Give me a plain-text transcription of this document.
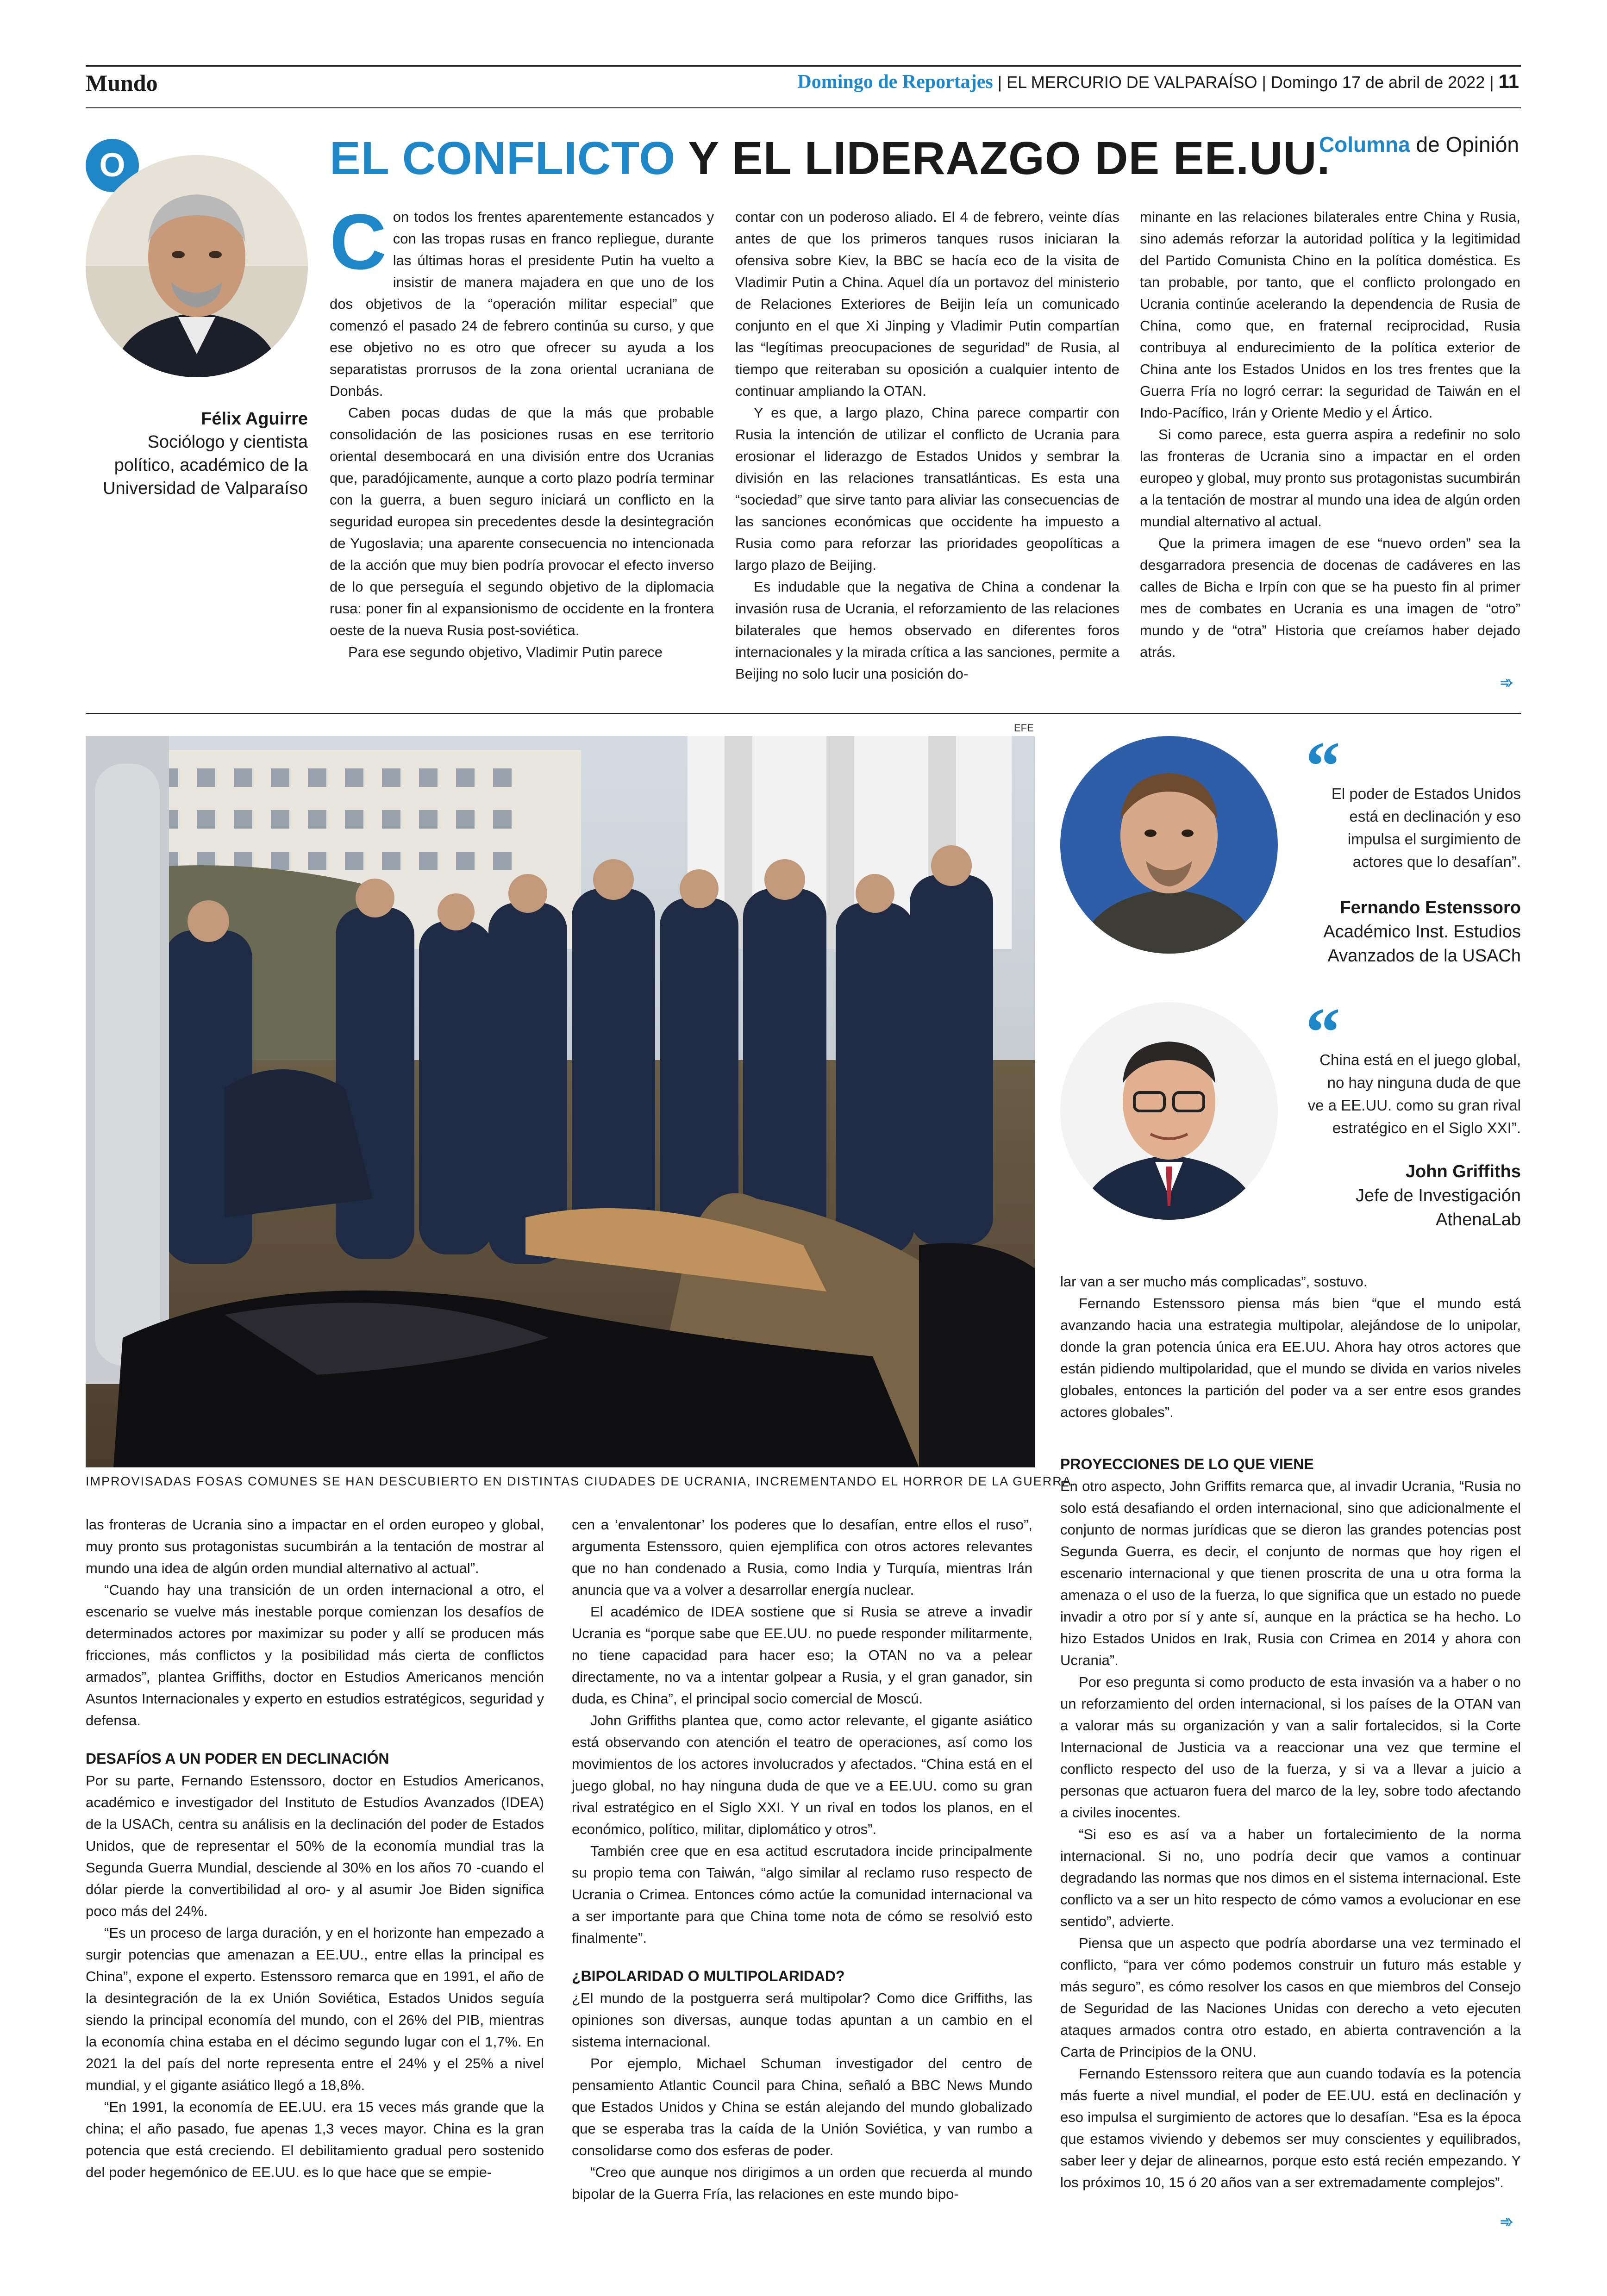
Mundo	Domingo de Reportajes | EL MERCURIO DE VALPARAÍSO | Domingo 17 de abril de 2022 | 11
O	EL CONFLICTO Y EL LIDERAZGO DE EE.UU.
Columna de Opinión
Félix Aguirre
Sociólogo y cientista
político, académico de la
Universidad de Valparaíso
C on todos los frentes aparentemente estancados y con las tropas rusas en franco repliegue, durante las últimas horas el presidente Putin ha vuelto a insistir de manera majadera en que uno de los dos objetivos de la “operación militar especial” que comenzó el pasado 24 de febrero continúa su curso, y que ese objetivo no es otro que ofrecer su ayuda a los separatistas prorrusos de la zona oriental ucraniana de Donbás.

Caben pocas dudas de que la más que probable consolidación de las posiciones rusas en ese territorio oriental desembocará en una división entre dos Ucranias que, paradójicamente, aunque a corto plazo podría terminar con la guerra, a buen seguro iniciará un conflicto en la seguridad europea sin precedentes desde la desintegración de Yugoslavia; una aparente consecuencia no intencionada de la acción que muy bien podría provocar el efecto inverso de lo que perseguía el segundo objetivo de la diplomacia rusa: poner fin al expansionismo de occidente en la frontera oeste de la nueva Rusia post-soviética.

Para ese segundo objetivo, Vladimir Putin parece

contar con un poderoso aliado. El 4 de febrero, veinte días antes de que los primeros tanques rusos iniciaran la ofensiva sobre Kiev, la BBC se hacía eco de la visita de Vladimir Putin a China. Aquel día un portavoz del ministerio de Relaciones Exteriores de Beijin leía un comunicado conjunto en el que Xi Jinping y Vladimir Putin compartían las “legítimas preocupaciones de seguridad” de Rusia, al tiempo que reiteraban su oposición a cualquier intento de continuar ampliando la OTAN.

Y es que, a largo plazo, China parece compartir con Rusia la intención de utilizar el conflicto de Ucrania para erosionar el liderazgo de Estados Unidos y sembrar la división en las relaciones transatlánticas. Es esta una “sociedad” que sirve tanto para aliviar las consecuencias de las sanciones económicas que occidente ha impuesto a Rusia como para reforzar las prioridades geopolíticas a largo plazo de Beijing.

Es indudable que la negativa de China a condenar la invasión rusa de Ucrania, el reforzamiento de las relaciones bilaterales que hemos observado en diferentes foros internacionales y la mirada crítica a las sanciones, permite a Beijing no solo lucir una posición do-

minante en las relaciones bilaterales entre China y Rusia, sino además reforzar la autoridad política y la legitimidad del Partido Comunista Chino en la política doméstica. Es tan probable, por tanto, que el conflicto prolongado en Ucrania continúe acelerando la dependencia de Rusia de China, como que, en fraternal reciprocidad, Rusia contribuya al endurecimiento de la política exterior de China ante los Estados Unidos en los tres frentes que la Guerra Fría no logró cerrar: la seguridad de Taiwán en el Indo-Pacífico, Irán y Oriente Medio y el Ártico.

Si como parece, esta guerra aspira a redefinir no solo las fronteras de Ucrania sino a impactar en el orden europeo y global, muy pronto sus protagonistas sucumbirán a la tentación de mostrar al mundo una idea de algún orden mundial alternativo al actual.

Que la primera imagen de ese “nuevo orden” sea la desgarradora presencia de docenas de cadáveres en las calles de Bicha e Irpín con que se ha puesto fin al primer mes de combates en Ucrania es una imagen de “otro” mundo y de “otra” Historia que creíamos haber dejado atrás.

➾
EFE
IMPROVISADAS FOSAS COMUNES SE HAN DESCUBIERTO EN DISTINTAS CIUDADES DE UCRANIA, INCREMENTANDO EL HORROR DE LA GUERRA.
“
El poder de Estados Unidos
está en declinación y eso
impulsa el surgimiento de
actores que lo desafían”.
Fernando Estenssoro
Académico Inst. Estudios
Avanzados de la USACh
“
China está en el juego global,
no hay ninguna duda de que
ve a EE.UU. como su gran rival
estratégico en el Siglo XXI”.
John Griffiths
Jefe de Investigación
AthenaLab

lar van a ser mucho más complicadas”, sostuvo.

Fernando Estenssoro piensa más bien “que el mundo está avanzando hacia una estrategia multipolar, alejándose de lo unipolar, donde la gran potencia única era EE.UU. Ahora hay otros actores que están pidiendo multipolaridad, que el mundo se divida en varios niveles globales, entonces la partición del poder va a ser entre esos grandes actores globales”.

las fronteras de Ucrania sino a impactar en el orden europeo y global, muy pronto sus protagonistas sucumbirán a la tentación de mostrar al mundo una idea de algún orden mundial alternativo al actual”.

“Cuando hay una transición de un orden internacional a otro, el escenario se vuelve más inestable porque comienzan los desafíos de determinados actores por maximizar su poder y allí se producen más fricciones, más conflictos y la posibilidad más cierta de conflictos armados”, plantea Griffiths, doctor en Estudios Americanos mención Asuntos Internacionales y experto en estudios estratégicos, seguridad y defensa.

DESAFÍOS A UN PODER EN DECLINACIÓN

Por su parte, Fernando Estenssoro, doctor en Estudios Americanos, académico e investigador del Instituto de Estudios Avanzados (IDEA) de la USACh, centra su análisis en la declinación del poder de Estados Unidos, que de representar el 50% de la economía mundial tras la Segunda Guerra Mundial, desciende al 30% en los años 70 -cuando el dólar pierde la convertibilidad al oro- y al asumir Joe Biden significa poco más del 24%.

“Es un proceso de larga duración, y en el horizonte han empezado a surgir potencias que amenazan a EE.UU., entre ellas la principal es China”, expone el experto. Estenssoro remarca que en 1991, el año de la desintegración de la ex Unión Soviética, Estados Unidos seguía siendo la principal economía del mundo, con el 26% del PIB, mientras la economía china estaba en el décimo segundo lugar con el 1,7%. En 2021 la del país del norte representa entre el 24% y el 25% a nivel mundial, y el gigante asiático llegó a 18,8%.

“En 1991, la economía de EE.UU. era 15 veces más grande que la china; el año pasado, fue apenas 1,3 veces mayor. China es la gran potencia que está creciendo. El debilitamiento gradual pero sostenido del poder hegemónico de EE.UU. es lo que hace que se empie-

cen a ‘envalentonar’ los poderes que lo desafían, entre ellos el ruso”, argumenta Estenssoro, quien ejemplifica con otros actores relevantes que no han condenado a Rusia, como India y Turquía, mientras Irán anuncia que va a volver a desarrollar energía nuclear.

El académico de IDEA sostiene que si Rusia se atreve a invadir Ucrania es “porque sabe que EE.UU. no puede responder militarmente, no tiene capacidad para hacer eso; la OTAN no va a pelear directamente, no va a intentar golpear a Rusia, y el gran ganador, sin duda, es China”, el principal socio comercial de Moscú.

John Griffiths plantea que, como actor relevante, el gigante asiático está observando con atención el teatro de operaciones, así como los movimientos de los actores involucrados y afectados. “China está en el juego global, no hay ninguna duda de que ve a EE.UU. como su gran rival estratégico en el Siglo XXI. Y un rival en todos los planos, en el económico, político, militar, diplomático y otros”.

También cree que en esa actitud escrutadora incide principalmente su propio tema con Taiwán, “algo similar al reclamo ruso respecto de Ucrania o Crimea. Entonces cómo actúe la comunidad internacional va a ser importante para que China tome nota de cómo se resolvió esto finalmente”.

¿BIPOLARIDAD O MULTIPOLARIDAD?

¿El mundo de la postguerra será multipolar? Como dice Griffiths, las opiniones son diversas, aunque todas apuntan a un cambio en el sistema internacional.

Por ejemplo, Michael Schuman investigador del centro de pensamiento Atlantic Council para China, señaló a BBC News Mundo que Estados Unidos y China se están alejando del mundo globalizado que se esperaba tras la caída de la Unión Soviética, y van rumbo a consolidarse como dos esferas de poder.

“Creo que aunque nos dirigimos a un orden que recuerda al mundo bipolar de la Guerra Fría, las relaciones en este mundo bipo-

PROYECCIONES DE LO QUE VIENE

En otro aspecto, John Griffits remarca que, al invadir Ucrania, “Rusia no solo está desafiando el orden internacional, sino que adicionalmente el conjunto de normas jurídicas que se dieron las grandes potencias post Segunda Guerra, es decir, el conjunto de normas que hoy rigen el escenario internacional y que tienen proscrita de una u otra forma la amenaza o el uso de la fuerza, lo que significa que un estado no puede invadir a otro por sí y ante sí, aunque en la práctica se ha hecho. Lo hizo Estados Unidos en Irak, Rusia con Crimea en 2014 y ahora con Ucrania”.

Por eso pregunta si como producto de esta invasión va a haber o no un reforzamiento del orden internacional, si los países de la OTAN van a valorar más su organización y van a salir fortalecidos, si la Corte Internacional de Justicia va a reaccionar una vez que termine el conflicto respecto del uso de la fuerza, y si va a llevar a juicio a personas que actuaron fuera del marco de la ley, sobre todo afectando a civiles inocentes.

“Si eso es así va a haber un fortalecimiento de la norma internacional. Si no, uno podría decir que vamos a continuar degradando las normas que nos dimos en el sistema internacional. Este conflicto va a ser un hito respecto de cómo vamos a evolucionar en ese sentido”, advierte.

Piensa que un aspecto que podría abordarse una vez terminado el conflicto, “para ver cómo podemos construir un futuro más estable y más seguro”, es cómo resolver los casos en que miembros del Consejo de Seguridad de las Naciones Unidas con derecho a veto ejecuten ataques armados contra otro estado, en abierta contravención a la Carta de Principios de la ONU.

Fernando Estenssoro reitera que aun cuando todavía es la potencia más fuerte a nivel mundial, el poder de EE.UU. está en declinación y eso impulsa el surgimiento de actores que lo desafían. “Esa es la época que estamos viviendo y debemos ser muy conscientes y equilibrados, saber leer y dejar de alinearnos, porque esto está recién empezando. Y los próximos 10, 15 ó 20 años van a ser extremadamente complejos”.

➾
